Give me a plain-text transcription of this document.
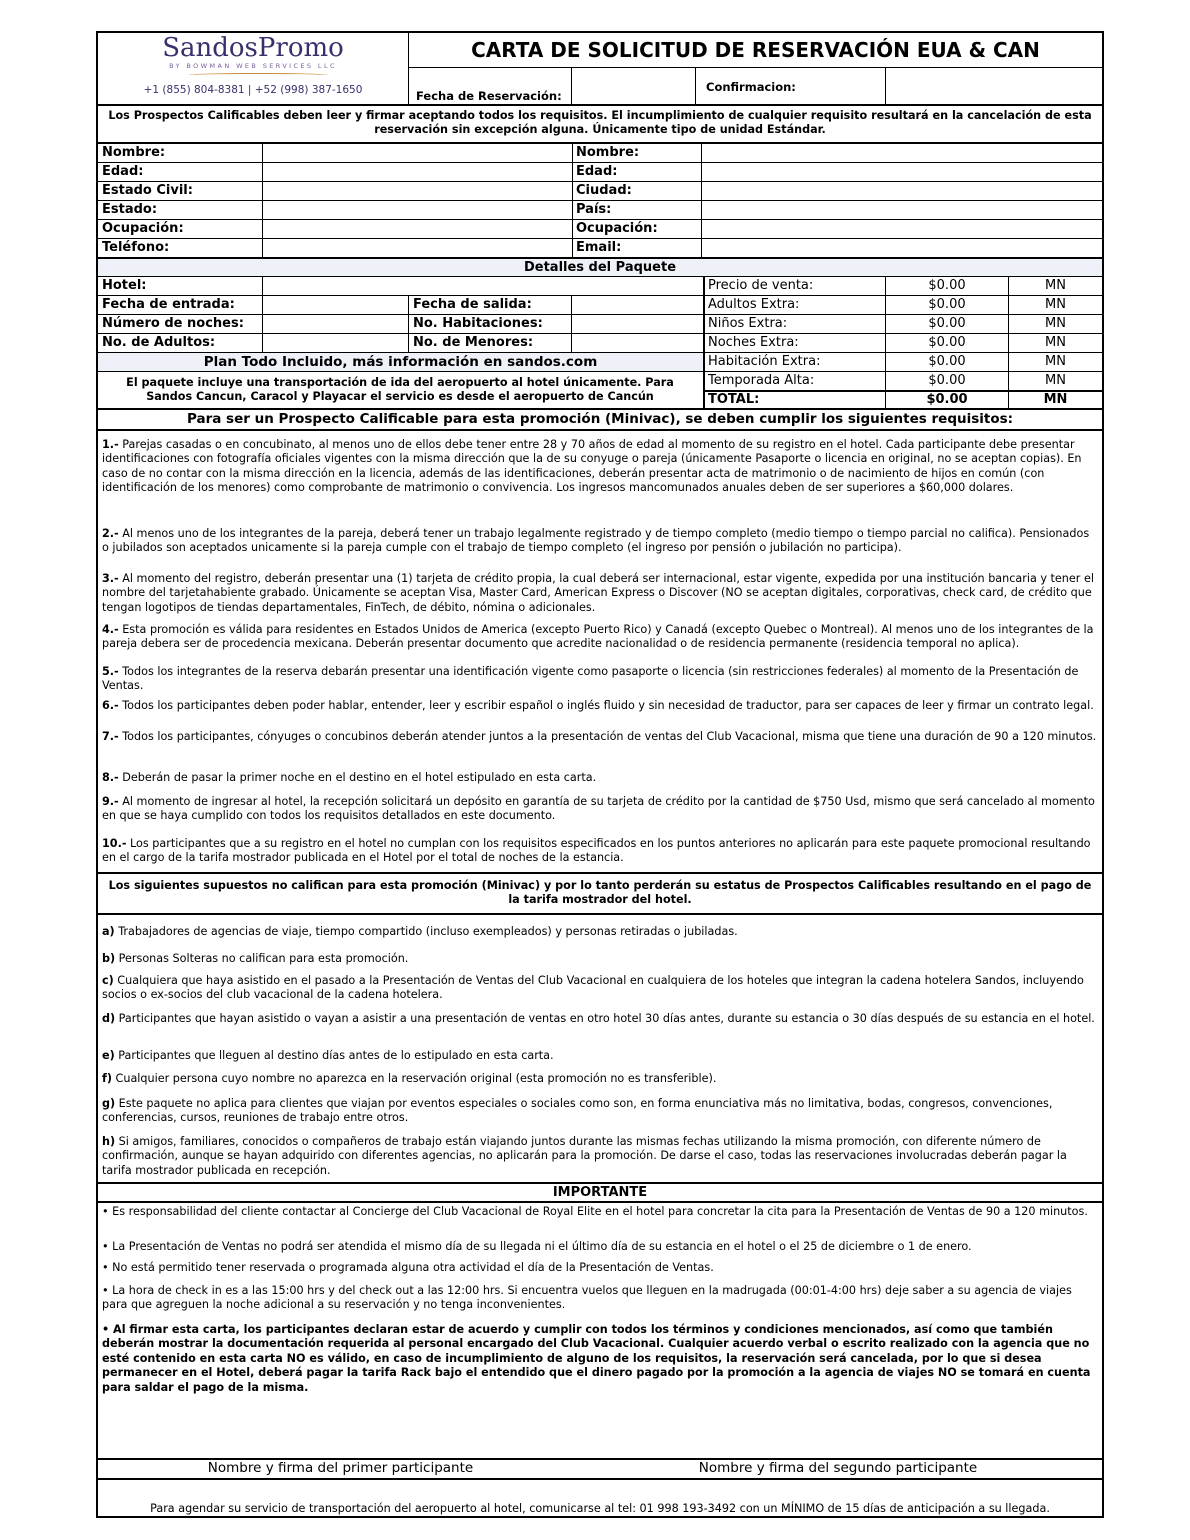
SandosPromo
BY BOWMAN WEB SERVICES LLC
+1 (855) 804-8381 | +52 (998) 387-1650
CARTA DE SOLICITUD DE RESERVACIÓN EUA & CAN
Fecha de Reservación:
Confirmacion:
Los Prospectos Calificables deben leer y firmar aceptando todos los requisitos. El incumplimiento de cualquier requisito resultará en la cancelación de esta reservación sin excepción alguna. Únicamente tipo de unidad Estándar.
Nombre:
Edad:
Estado Civil:
Estado:
Ocupación:
Teléfono:
Nombre:
Edad:
Ciudad:
País:
Ocupación:
Email:
Detalles del Paquete
Hotel:
Fecha de entrada:	Fecha de salida:
Número de noches:	No. Habitaciones:
No. de Adultos:	No. de Menores:
Plan Todo Incluido, más información en sandos.com
El paquete incluye una transportación de ida del aeropuerto al hotel únicamente. Para Sandos Cancun, Caracol y Playacar el servicio es desde el aeropuerto de Cancún
Precio de venta:	$0.00	MN
Adultos Extra:	$0.00	MN
Niños Extra:	$0.00	MN
Noches Extra:	$0.00	MN
Habitación Extra:	$0.00	MN
Temporada Alta:	$0.00	MN
TOTAL:	$0.00	MN
Para ser un Prospecto Calificable para esta promoción (Minivac), se deben cumplir los siguientes requisitos:
1.- Parejas casadas o en concubinato, al menos uno de ellos debe tener entre 28 y 70 años de edad al momento de su registro en el hotel. Cada participante debe presentar identificaciones con fotografía oficiales vigentes con la misma dirección que la de su conyuge o pareja (únicamente Pasaporte o licencia en original, no se aceptan copias). En caso de no contar con la misma dirección en la licencia, además de las identificaciones, deberán presentar acta de matrimonio o de nacimiento de hijos en común (con identificación de los menores) como comprobante de matrimonio o convivencia. Los ingresos mancomunados anuales deben de ser superiores a $60,000 dolares.
2.- Al menos uno de los integrantes de la pareja, deberá tener un trabajo legalmente registrado y de tiempo completo (medio tiempo o tiempo parcial no califica). Pensionados o jubilados son aceptados unicamente si la pareja cumple con el trabajo de tiempo completo (el ingreso por pensión o jubilación no participa).
3.- Al momento del registro, deberán presentar una (1) tarjeta de crédito propia, la cual deberá ser internacional, estar vigente, expedida por una institución bancaria y tener el nombre del tarjetahabiente grabado. Únicamente se aceptan Visa, Master Card, American Express o Discover (NO se aceptan digitales, corporativas, check card, de crédito que tengan logotipos de tiendas departamentales, FinTech, de débito, nómina o adicionales.
4.- Esta promoción es válida para residentes en Estados Unidos de America (excepto Puerto Rico) y Canadá (excepto Quebec o Montreal). Al menos uno de los integrantes de la pareja debera ser de procedencia mexicana. Deberán presentar documento que acredite nacionalidad o de residencia permanente (residencia temporal no aplica).
5.- Todos los integrantes de la reserva debarán presentar una identificación vigente como pasaporte o licencia (sin restricciones federales) al momento de la Presentación de Ventas.
6.- Todos los participantes deben poder hablar, entender, leer y escribir español o inglés fluido y sin necesidad de traductor, para ser capaces de leer y firmar un contrato legal.
7.- Todos los participantes, cónyuges o concubinos deberán atender juntos a la presentación de ventas del Club Vacacional, misma que tiene una duración de 90 a 120 minutos.
8.- Deberán de pasar la primer noche en el destino en el hotel estipulado en esta carta.
9.- Al momento de ingresar al hotel, la recepción solicitará un depósito en garantía de su tarjeta de crédito por la cantidad de $750 Usd, mismo que será cancelado al momento en que se haya cumplido con todos los requisitos detallados en este documento.
10.- Los participantes que a su registro en el hotel no cumplan con los requisitos especificados en los puntos anteriores no aplicarán para este paquete promocional resultando en el cargo de la tarifa mostrador publicada en el Hotel por el total de noches de la estancia.
Los siguientes supuestos no califican para esta promoción (Minivac) y por lo tanto perderán su estatus de Prospectos Calificables resultando en el pago de la tarifa mostrador del hotel.
a) Trabajadores de agencias de viaje, tiempo compartido (incluso exempleados) y personas retiradas o jubiladas.
b) Personas Solteras no califican para esta promoción.
c) Cualquiera que haya asistido en el pasado a la Presentación de Ventas del Club Vacacional en cualquiera de los hoteles que integran la cadena hotelera Sandos, incluyendo socios o ex-socios del club vacacional de la cadena hotelera.
d) Participantes que hayan asistido o vayan a asistir a una presentación de ventas en otro hotel 30 días antes, durante su estancia o 30 días después de su estancia en el hotel.
e) Participantes que lleguen al destino días antes de lo estipulado en esta carta.
f) Cualquier persona cuyo nombre no aparezca en la reservación original (esta promoción no es transferible).
g) Este paquete no aplica para clientes que viajan por eventos especiales o sociales como son, en forma enunciativa más no limitativa, bodas, congresos, convenciones, conferencias, cursos, reuniones de trabajo entre otros.
h) Si amigos, familiares, conocidos o compañeros de trabajo están viajando juntos durante las mismas fechas utilizando la misma promoción, con diferente número de confirmación, aunque se hayan adquirido con diferentes agencias, no aplicarán para la promoción. De darse el caso, todas las reservaciones involucradas deberán pagar la tarifa mostrador publicada en recepción.
IMPORTANTE
• Es responsabilidad del cliente contactar al Concierge del Club Vacacional de Royal Elite en el hotel para concretar la cita para la Presentación de Ventas de 90 a 120 minutos.
• La Presentación de Ventas no podrá ser atendida el mismo día de su llegada ni el último día de su estancia en el hotel o el 25 de diciembre o 1 de enero.
• No está permitido tener reservada o programada alguna otra actividad el día de la Presentación de Ventas.
• La hora de check in es a las 15:00 hrs y del check out a las 12:00 hrs. Si encuentra vuelos que lleguen en la madrugada (00:01-4:00 hrs) deje saber a su agencia de viajes para que agreguen la noche adicional a su reservación y no tenga inconvenientes.
• Al firmar esta carta, los participantes declaran estar de acuerdo y cumplir con todos los términos y condiciones mencionados, así como que también deberán mostrar la documentación requerida al personal encargado del Club Vacacional. Cualquier acuerdo verbal o escrito realizado con la agencia que no esté contenido en esta carta NO es válido, en caso de incumplimiento de alguno de los requisitos, la reservación será cancelada, por lo que si desea permanecer en el Hotel, deberá pagar la tarifa Rack bajo el entendido que el dinero pagado por la promoción a la agencia de viajes NO se tomará en cuenta para saldar el pago de la misma.
Nombre y firma del primer participante	Nombre y firma del segundo participante
Para agendar su servicio de transportación del aeropuerto al hotel, comunicarse al tel: 01 998 193-3492 con un MÍNIMO de 15 días de anticipación a su llegada.
